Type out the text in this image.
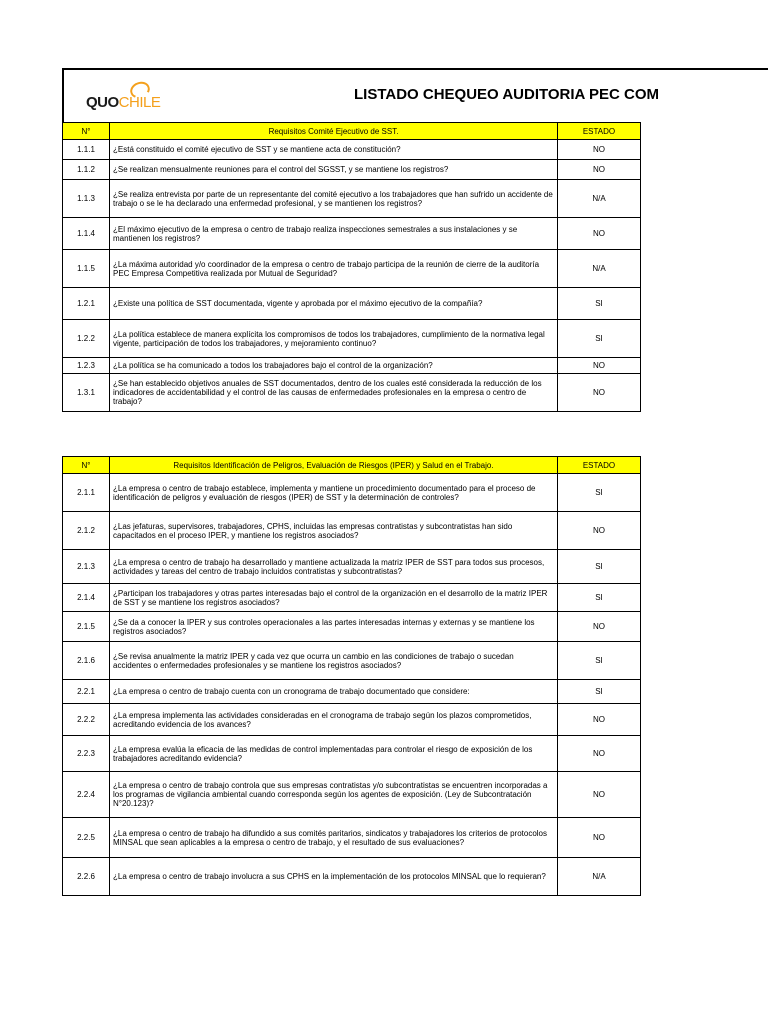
QUOCHILE	LISTADO CHEQUEO AUDITORIA PEC COM
N°	Requisitos Comité Ejecutivo de SST.	ESTADO
1.1.1	¿Está constituido el comité ejecutivo de SST y se mantiene acta de constitución?	NO
1.1.2	¿Se realizan mensualmente reuniones para el control del SGSST, y se mantiene los registros?	NO
1.1.3	¿Se realiza entrevista por parte de un representante del comité ejecutivo a los trabajadores que han sufrido un accidente de trabajo o se le ha declarado una enfermedad profesional, y se mantienen los registros?	N/A
1.1.4	¿El máximo ejecutivo de la empresa o centro de trabajo realiza inspecciones semestrales a sus instalaciones y se mantienen los registros?	NO
1.1.5	¿La máxima autoridad y/o coordinador de la empresa o centro de trabajo participa de la reunión de cierre de la auditoría PEC Empresa Competitiva realizada por Mutual de Seguridad?	N/A
1.2.1	¿Existe una política de SST documentada, vigente y aprobada por el máximo ejecutivo de la compañía?	SI
1.2.2	¿La política establece de manera explícita los compromisos de todos los trabajadores, cumplimiento de la normativa legal vigente, participación de todos los trabajadores, y mejoramiento continuo?	SI
1.2.3	¿La política se ha comunicado a todos los trabajadores bajo el control de la organización?	NO
1.3.1	¿Se han establecido objetivos anuales de SST documentados, dentro de los cuales esté considerada la reducción de los indicadores de accidentabilidad y el control de las causas de enfermedades profesionales en la empresa o centro de trabajo?	NO
N°	Requisitos Identificación de Peligros, Evaluación de Riesgos (IPER) y Salud en el Trabajo.	ESTADO
2.1.1	¿La empresa o centro de trabajo establece, implementa y mantiene un procedimiento documentado para el proceso de identificación de peligros y evaluación de riesgos (IPER) de SST y la determinación de controles?	SI
2.1.2	¿Las jefaturas, supervisores, trabajadores, CPHS, incluidas las empresas contratistas y subcontratistas han sido capacitados en el proceso IPER, y mantiene los registros asociados?	NO
2.1.3	¿La empresa o centro de trabajo ha desarrollado y mantiene actualizada la matriz IPER de SST para todos sus procesos, actividades y tareas del centro de trabajo incluidos contratistas y subcontratistas?	SI
2.1.4	¿Participan los trabajadores y otras partes interesadas bajo el control de la organización en el desarrollo de la matriz IPER de SST y se mantiene los registros asociados?	SI
2.1.5	¿Se da a conocer la IPER y sus controles operacionales a las partes interesadas internas y externas y se mantiene los registros asociados?	NO
2.1.6	¿Se revisa anualmente la matriz IPER y cada vez que ocurra un cambio en las condiciones de trabajo o sucedan accidentes o enfermedades profesionales y se mantiene los registros asociados?	SI
2.2.1	¿La empresa o centro de trabajo cuenta con un cronograma de trabajo documentado que considere:	SI
2.2.2	¿La empresa implementa las actividades consideradas en el cronograma de trabajo según los plazos comprometidos, acreditando evidencia de los avances?	NO
2.2.3	¿La empresa evalúa la eficacia de las medidas de control implementadas para controlar el riesgo de exposición de los trabajadores acreditando evidencia?	NO
2.2.4	¿La empresa o centro de trabajo controla que sus empresas contratistas y/o subcontratistas se encuentren incorporadas a los programas de vigilancia ambiental cuando corresponda según los agentes de exposición. (Ley de Subcontratación N°20.123)?	NO
2.2.5	¿La empresa o centro de trabajo ha difundido a sus comités paritarios, sindicatos y trabajadores los criterios de protocolos MINSAL que sean aplicables a la empresa o centro de trabajo, y el resultado de sus evaluaciones?	NO
2.2.6	¿La empresa o centro de trabajo involucra a sus CPHS en la implementación de los protocolos MINSAL que lo requieran?	N/A
